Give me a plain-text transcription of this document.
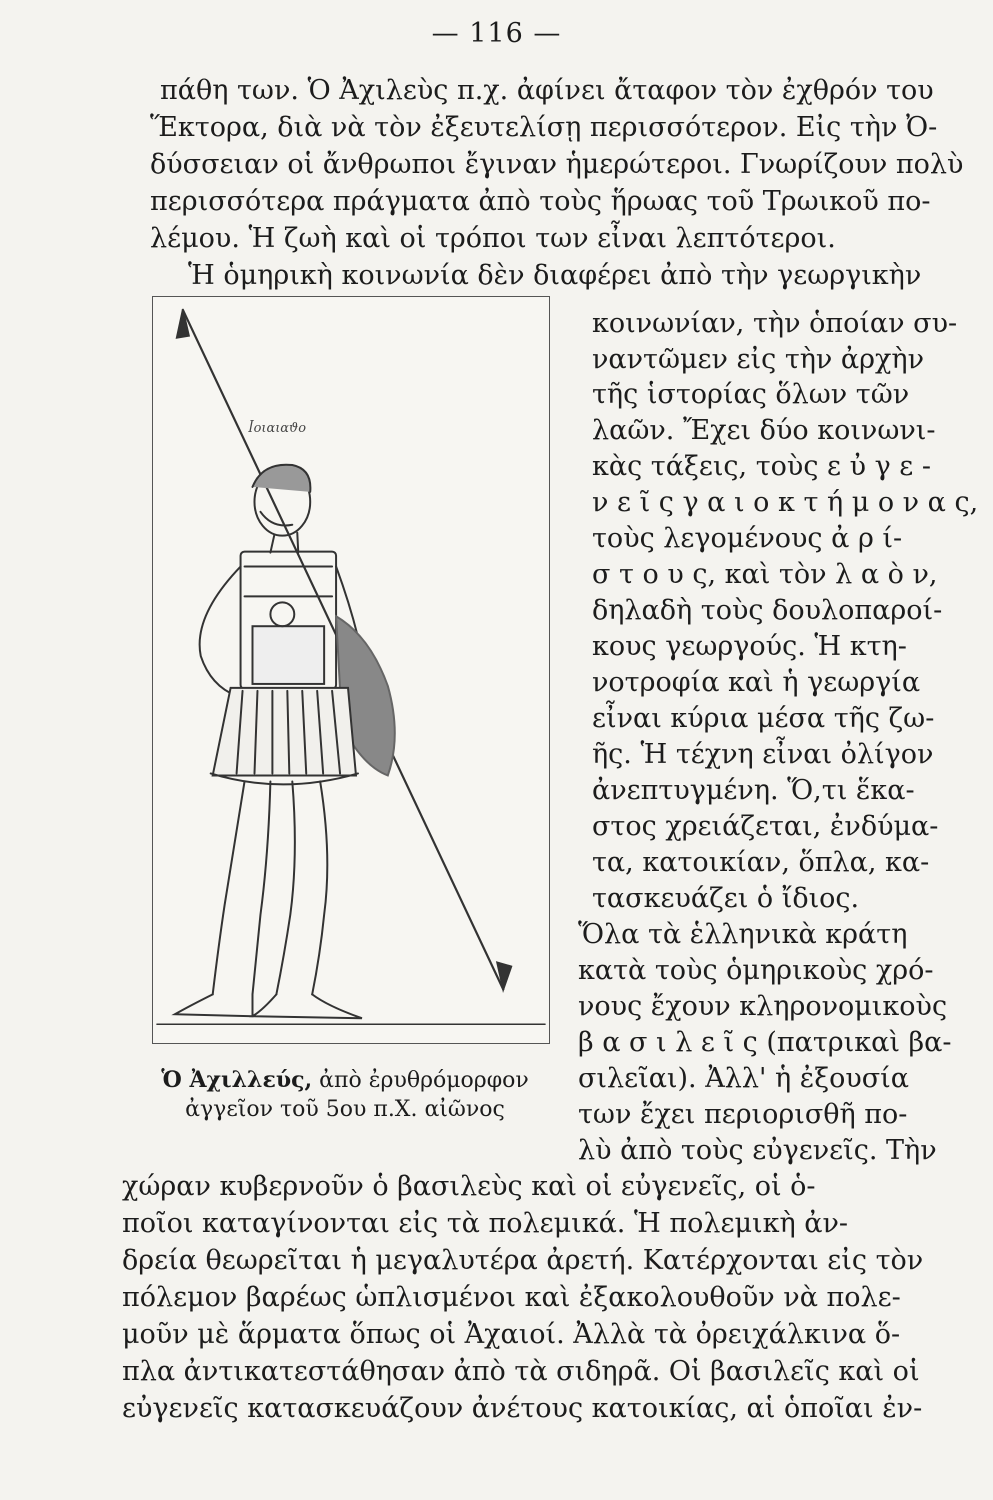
— 116 —
πάθη των. Ὁ Ἀχιλεὺς π.χ. ἀφίνει ἄταφον τὸν ἐχθρόν του
Ἕκτορα, διὰ νὰ τὸν ἐξευτελίσῃ περισσότερον. Εἰς τὴν Ὀ-
δύσσειαν οἱ ἄνθρωποι ἔγιναν ἡμερώτεροι. Γνωρίζουν πολὺ
περισσότερα πράγματα ἀπὸ τοὺς ἥρωας τοῦ Τρωικοῦ πο-
λέμου. Ἡ ζωὴ καὶ οἱ τρόποι των εἶναι λεπτότεροι.
Ἡ ὁμηρικὴ κοινωνία δὲν διαφέρει ἀπὸ τὴν γεωργικὴν
ꟾοιαιαϑο
Ὁ Ἀχιλλεύς, ἀπὸ ἐρυθρόμορφον
ἀγγεῖον τοῦ 5ου π.Χ. αἰῶνος
κοινωνίαν, τὴν ὁποίαν συ-
ναντῶμεν εἰς τὴν ἀρχὴν
τῆς ἱστορίας ὅλων τῶν
λαῶν. Ἔχει δύο κοινωνι-
κὰς τάξεις, τοὺς ε ὐ γ ε -
ν ε ῖ ς γ α ι ο κ τ ή μ ο ν α ς,
τοὺς λεγομένους ἀ ρ ί-
σ τ ο υ ς, καὶ τὸν λ α ὸ ν,
δηλαδὴ τοὺς δουλοπαροί-
κους γεωργούς. Ἡ κτη-
νοτροφία καὶ ἡ γεωργία
εἶναι κύρια μέσα τῆς ζω-
ῆς. Ἡ τέχνη εἶναι ὀλίγον
ἀνεπτυγμένη. Ὅ,τι ἕκα-
στος χρειάζεται, ἐνδύμα-
τα, κατοικίαν, ὅπλα, κα-
τασκευάζει ὁ ἴδιος.
Ὅλα τὰ ἑλληνικὰ κράτη
κατὰ τοὺς ὁμηρικοὺς χρό-
νους ἔχουν κληρονομικοὺς
β α σ ι λ ε ῖ ς (πατρικαὶ βα-
σιλεῖαι). Ἀλλ' ἡ ἐξουσία
των ἔχει περιορισθῆ πο-
λὺ ἀπὸ τοὺς εὐγενεῖς. Τὴν
χώραν κυβερνοῦν ὁ βασιλεὺς καὶ οἱ εὐγενεῖς, οἱ ὁ-
ποῖοι καταγίνονται εἰς τὰ πολεμικά. Ἡ πολεμικὴ ἀν-
δρεία θεωρεῖται ἡ μεγαλυτέρα ἀρετή. Κατέρχονται εἰς τὸν
πόλεμον βαρέως ὡπλισμένοι καὶ ἐξακολουθοῦν νὰ πολε-
μοῦν μὲ ἅρματα ὅπως οἱ Ἀχαιοί. Ἀλλὰ τὰ ὀρειχάλκινα ὅ-
πλα ἀντικατεστάθησαν ἀπὸ τὰ σιδηρᾶ. Οἱ βασιλεῖς καὶ οἱ
εὐγενεῖς κατασκευάζουν ἀνέτους κατοικίας, αἱ ὁποῖαι ἐν-
